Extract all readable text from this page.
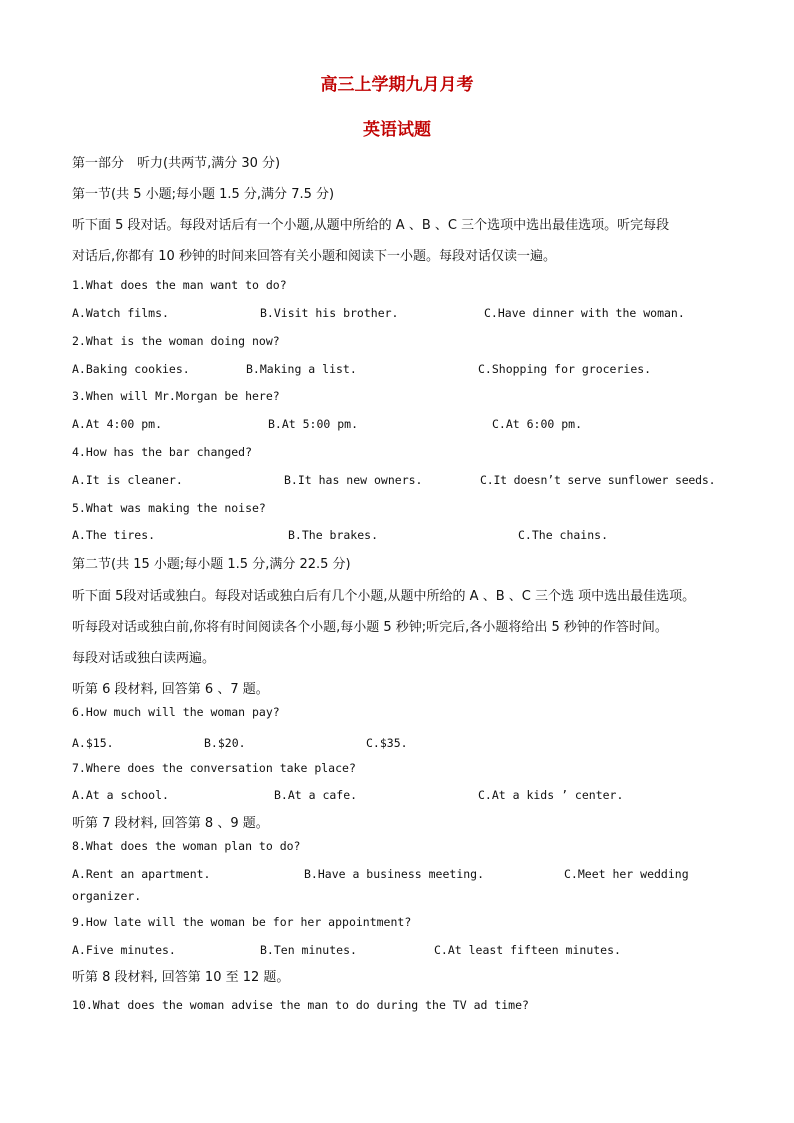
高三上学期九月月考
英语试题

第一部分　听力(共两节,满分 30 分)

第一节(共 5 小题;每小题 1.5 分,满分 7.5 分)

听下面 5 段对话。每段对话后有一个小题,从题中所给的 A 、B 、C 三个选项中选出最佳选项。听完每段

对话后,你都有 10 秒钟的时间来回答有关小题和阅读下一小题。每段对话仅读一遍。

1.What does the man want to do?

A.Watch films.	B.Visit his brother.	C.Have dinner with the woman.

2.What is the woman doing now?

A.Baking cookies.	B.Making a list.	C.Shopping for groceries.

3.When will Mr.Morgan be here?

A.At 4:00 pm.	B.At 5:00 pm.	C.At 6:00 pm.

4.How has the bar changed?

A.It is cleaner.	B.It has new owners.	C.It doesn’t serve sunflower seeds.

5.What was making the noise?

A.The tires.	B.The brakes.	C.The chains.

第二节(共 15 小题;每小题 1.5 分,满分 22.5 分)

听下面 5段对话或独白。每段对话或独白后有几个小题,从题中所给的 A 、B 、C 三个选 项中选出最佳选项。

听每段对话或独白前,你将有时间阅读各个小题,每小题 5 秒钟;听完后,各小题将给出 5 秒钟的作答时间。

每段对话或独白读两遍。

听第 6 段材料, 回答第 6 、7 题。

6.How much will the woman pay?

A.$15.	B.$20.	C.$35.

7.Where does the conversation take place?

A.At a school.	B.At a cafe.	C.At a kids ’ center.

听第 7 段材料, 回答第 8 、9 题。

8.What does the woman plan to do?

A.Rent an apartment.	B.Have a business meeting.	C.Meet her wedding
organizer.

9.How late will the woman be for her appointment?

A.Five minutes.	B.Ten minutes.	C.At least fifteen minutes.

听第 8 段材料, 回答第 10 至 12 题。

10.What does the woman advise the man to do during the TV ad time?
